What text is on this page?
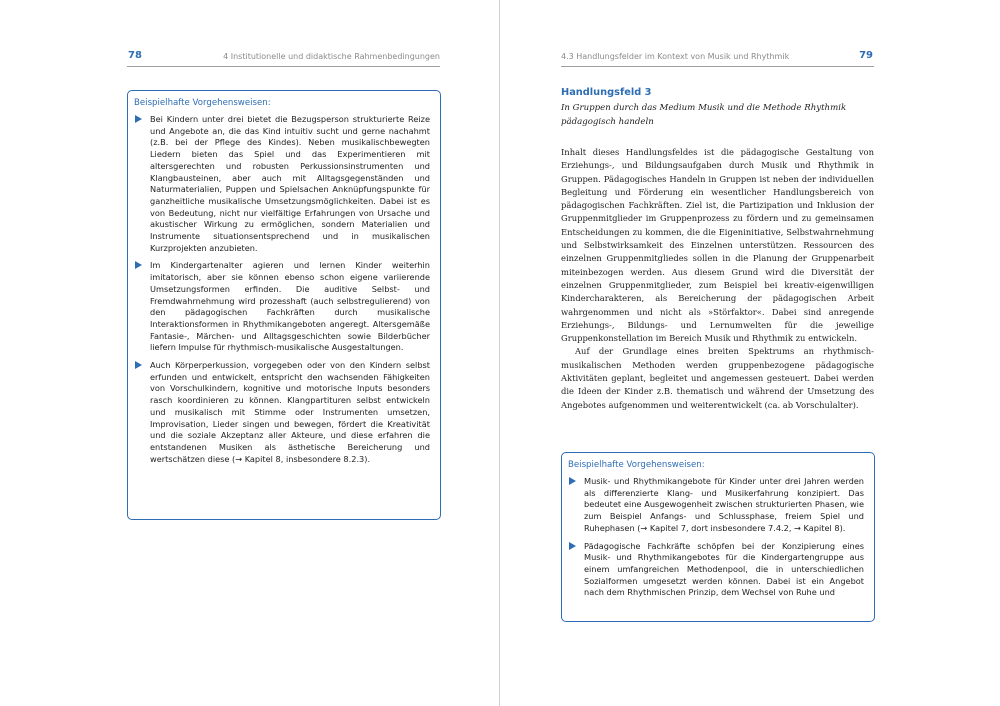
78	4 Institutionelle und didaktische Rahmenbedingungen
Beispielhafte Vorgehensweisen:
Bei Kindern unter drei bietet die Bezugsperson strukturierte Reize und Angebote an, die das Kind intuitiv sucht und gerne nachahmt (z.B. bei der Pflege des Kindes). Neben musikalischbewegten Liedern bieten das Spiel und das Experimentieren mit altersgerechten und robusten Perkussionsinstrumenten und Klangbausteinen, aber auch mit Alltagsgegenständen und Naturmaterialien, Puppen und Spielsachen Anknüpfungspunkte für ganzheitliche musikalische Umsetzungsmöglichkeiten. Dabei ist es von Bedeutung, nicht nur vielfältige Erfahrungen von Ursache und akustischer Wirkung zu ermöglichen, sondern Materialien und Instrumente situationsentsprechend und in musikalischen Kurzprojekten anzubieten.
Im Kindergartenalter agieren und lernen Kinder weiterhin imitatorisch, aber sie können ebenso schon eigene variierende Umsetzungsformen erfinden. Die auditive Selbst- und Fremdwahrnehmung wird prozesshaft (auch selbstregulierend) von den pädagogischen Fachkräften durch musikalische Interaktionsformen in Rhythmikangeboten angeregt. Altersgemäße Fantasie-, Märchen- und Alltagsgeschichten sowie Bilderbücher liefern Impulse für rhythmisch-musikalische Ausgestaltungen.
Auch Körperperkussion, vorgegeben oder von den Kindern selbst erfunden und entwickelt, entspricht den wachsenden Fähigkeiten von Vorschulkindern, kognitive und motorische Inputs besonders rasch koordinieren zu können. Klangpartituren selbst entwickeln und musikalisch mit Stimme oder Instrumenten umsetzen, Improvisation, Lieder singen und bewegen, fördert die Kreativität und die soziale Akzeptanz aller Akteure, und diese erfahren die entstandenen Musiken als ästhetische Bereicherung und wertschätzen diese (→ Kapitel 8, insbesondere 8.2.3).
4.3 Handlungsfelder im Kontext von Musik und Rhythmik	79
Handlungsfeld 3

In Gruppen durch das Medium Musik und die Methode Rhythmik pädagogisch handeln

Inhalt dieses Handlungsfeldes ist die pädagogische Gestaltung von Erziehungs-, und Bildungsaufgaben durch Musik und Rhythmik in Gruppen. Pädagogisches Handeln in Gruppen ist neben der individuellen Begleitung und Förderung ein wesentlicher Handlungsbereich von pädagogischen Fachkräften. Ziel ist, die Partizipation und Inklusion der Gruppenmitglieder im Gruppenprozess zu fördern und zu gemeinsamen Entscheidungen zu kommen, die die Eigeninitiative, Selbstwahrnehmung und Selbstwirksamkeit des Einzelnen unterstützen. Ressourcen des einzelnen Gruppenmitgliedes sollen in die Planung der Gruppenarbeit miteinbezogen werden. Aus diesem Grund wird die Diversität der einzelnen Gruppenmitglieder, zum Beispiel bei kreativ-eigenwilligen Kindercharakteren, als Bereicherung der pädagogischen Arbeit wahrgenommen und nicht als »Störfaktor«. Dabei sind anregende Erziehungs-, Bildungs- und Lernumwelten für die jeweilige Gruppenkonstellation im Bereich Musik und Rhythmik zu entwickeln.

Auf der Grundlage eines breiten Spektrums an rhythmisch-musikalischen Methoden werden gruppenbezogene pädagogische Aktivitäten geplant, begleitet und angemessen gesteuert. Dabei werden die Ideen der Kinder z.B. thematisch und während der Umsetzung des Angebotes aufgenommen und weiterentwickelt (ca. ab Vorschulalter).

Beispielhafte Vorgehensweisen:
Musik- und Rhythmikangebote für Kinder unter drei Jahren werden als differenzierte Klang- und Musikerfahrung konzipiert. Das bedeutet eine Ausgewogenheit zwischen strukturierten Phasen, wie zum Beispiel Anfangs- und Schlussphase, freiem Spiel und Ruhephasen (→ Kapitel 7, dort insbesondere 7.4.2, → Kapitel 8).
Pädagogische Fachkräfte schöpfen bei der Konzipierung eines Musik- und Rhythmikangebotes für die Kindergartengruppe aus einem umfangreichen Methodenpool, die in unterschiedlichen Sozialformen umgesetzt werden können. Dabei ist ein Angebot nach dem Rhythmischen Prinzip, dem Wechsel von Ruhe und
